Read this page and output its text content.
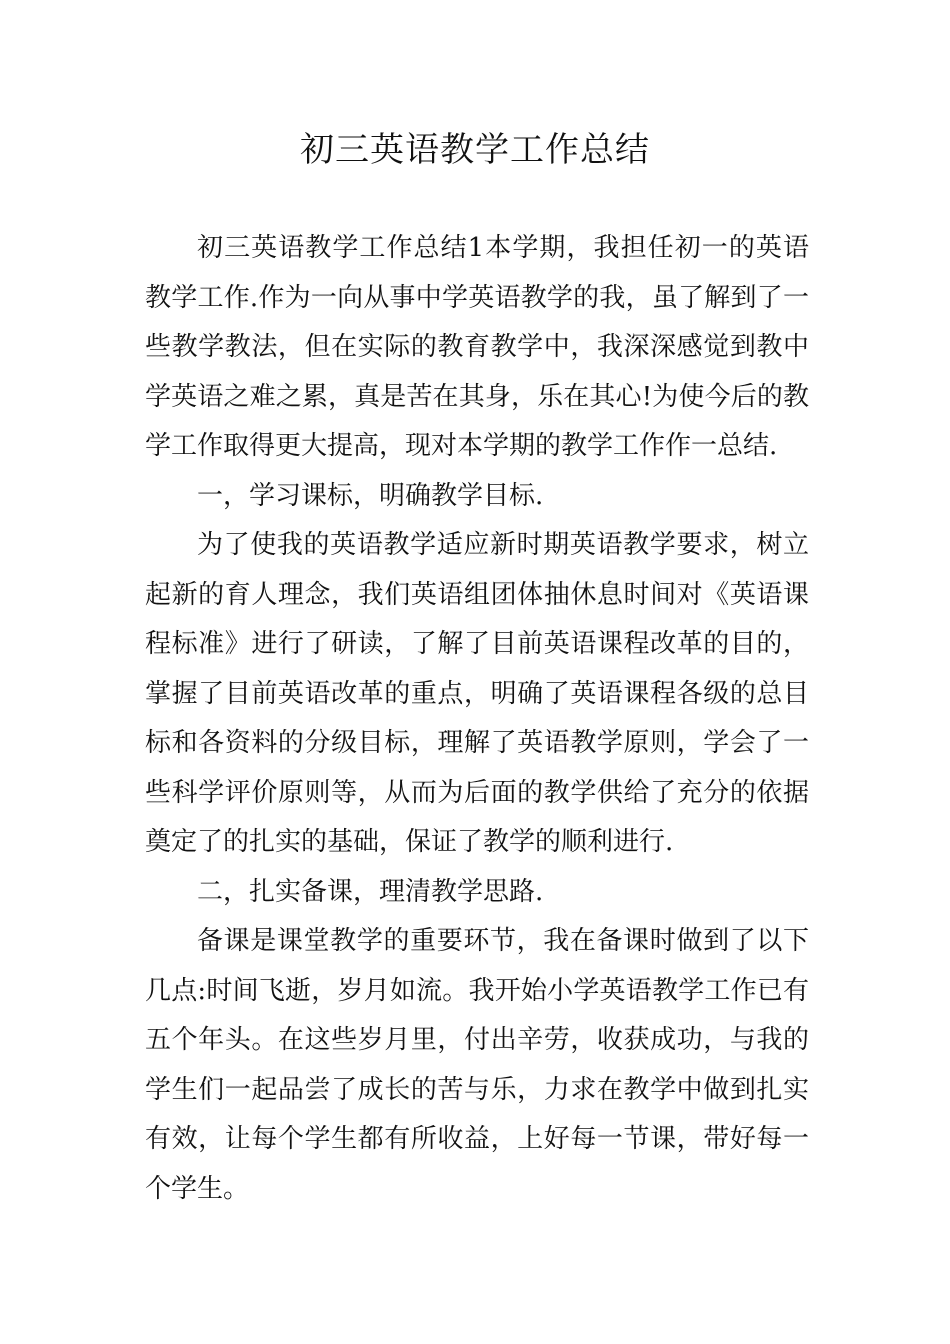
初三英语教学工作总结

初三英语教学工作总结1本学期，我担任初一的英语教学工作.作为一向从事中学英语教学的我，虽了解到了一些教学教法，但在实际的教育教学中，我深深感觉到教中学英语之难之累，真是苦在其身，乐在其心!为使今后的教学工作取得更大提高，现对本学期的教学工作作一总结.

一，学习课标，明确教学目标.

为了使我的英语教学适应新时期英语教学要求，树立起新的育人理念，我们英语组团体抽休息时间对《英语课程标准》进行了研读，了解了目前英语课程改革的目的，掌握了目前英语改革的重点，明确了英语课程各级的总目标和各资料的分级目标，理解了英语教学原则，学会了一些科学评价原则等，从而为后面的教学供给了充分的依据奠定了的扎实的基础，保证了教学的顺利进行.

二，扎实备课，理清教学思路.

备课是课堂教学的重要环节，我在备课时做到了以下几点:时间飞逝，岁月如流。我开始小学英语教学工作已有五个年头。在这些岁月里，付出辛劳，收获成功，与我的学生们一起品尝了成长的苦与乐，力求在教学中做到扎实有效，让每个学生都有所收益，上好每一节课，带好每一个学生。
